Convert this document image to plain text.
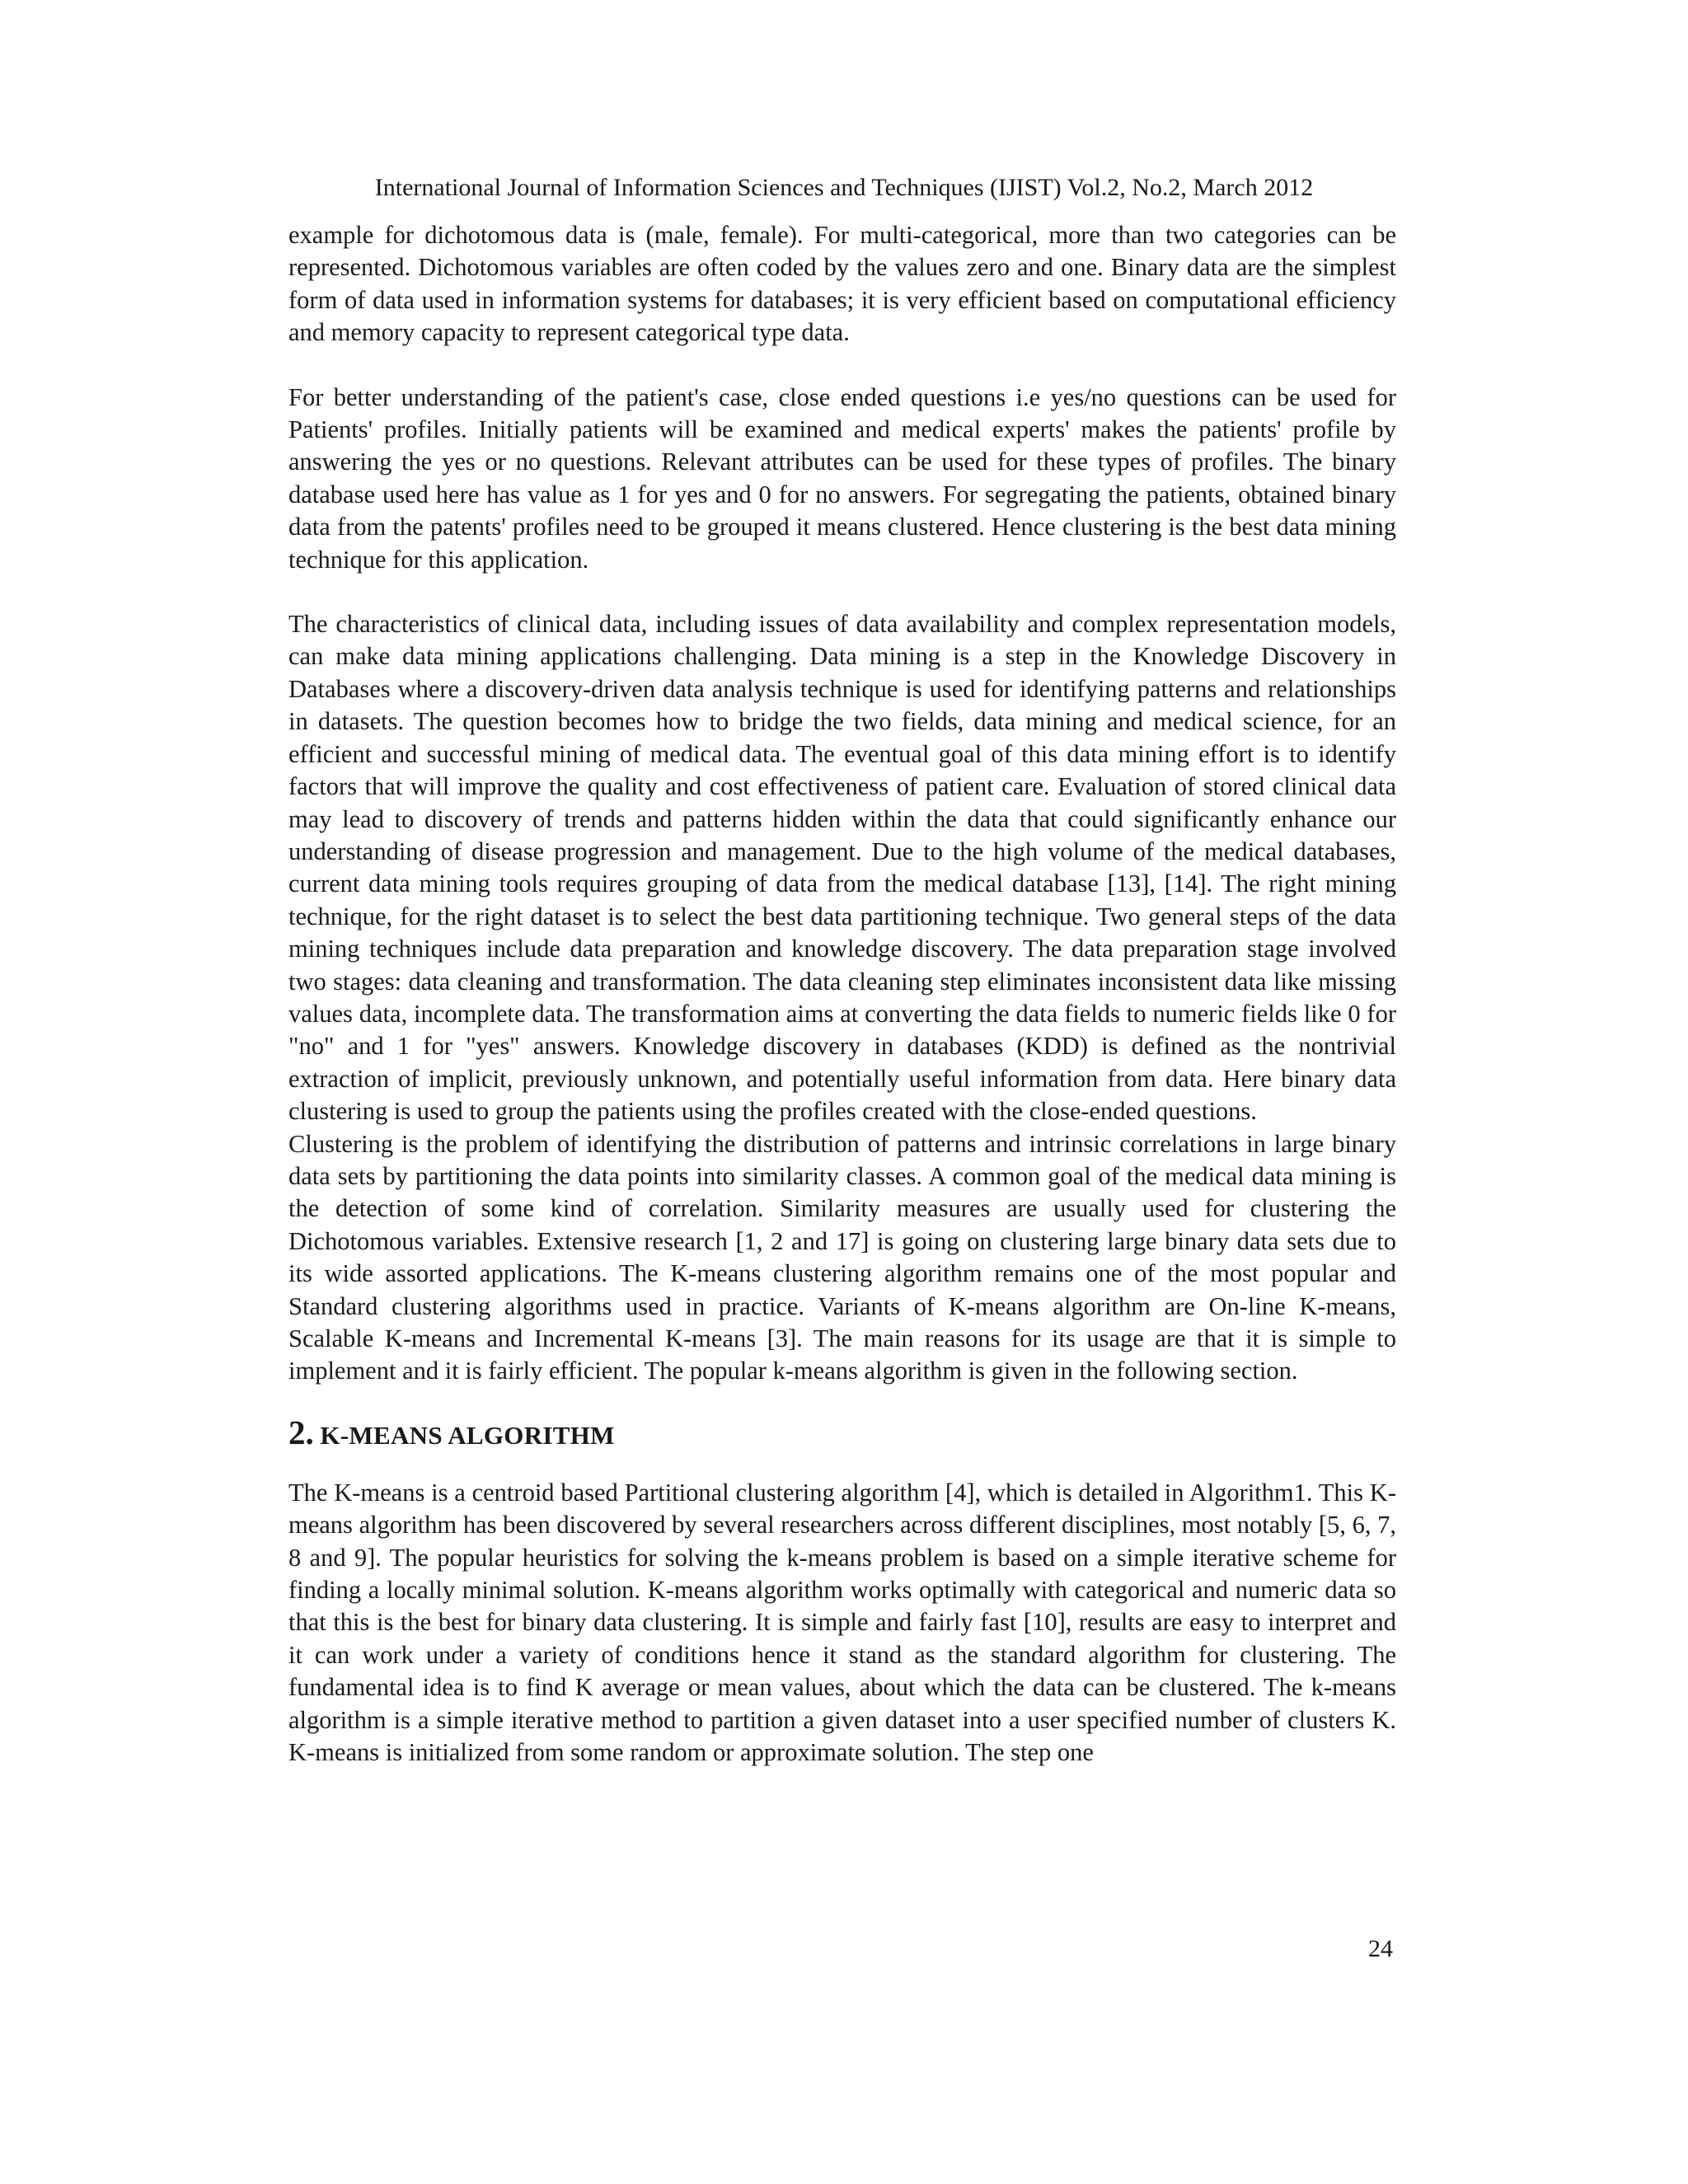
International Journal of Information Sciences and Techniques (IJIST) Vol.2, No.2, March 2012

example for dichotomous data is (male, female). For multi-categorical, more than two categories can be represented. Dichotomous variables are often coded by the values zero and one. Binary data are the simplest form of data used in information systems for databases; it is very efficient based on computational efficiency and memory capacity to represent categorical type data.

For better understanding of the patient's case, close ended questions i.e yes/no questions can be used for Patients' profiles. Initially patients will be examined and medical experts' makes the patients' profile by answering the yes or no questions. Relevant attributes can be used for these types of profiles. The binary database used here has value as 1 for yes and 0 for no answers. For segregating the patients, obtained binary data from the patents' profiles need to be grouped it means clustered. Hence clustering is the best data mining technique for this application.

The characteristics of clinical data, including issues of data availability and complex representation models, can make data mining applications challenging. Data mining is a step in the Knowledge Discovery in Databases where a discovery-driven data analysis technique is used for identifying patterns and relationships in datasets. The question becomes how to bridge the two fields, data mining and medical science, for an efficient and successful mining of medical data. The eventual goal of this data mining effort is to identify factors that will improve the quality and cost effectiveness of patient care. Evaluation of stored clinical data may lead to discovery of trends and patterns hidden within the data that could significantly enhance our understanding of disease progression and management. Due to the high volume of the medical databases, current data mining tools requires grouping of data from the medical database [13], [14]. The right mining technique, for the right dataset is to select the best data partitioning technique. Two general steps of the data mining techniques include data preparation and knowledge discovery. The data preparation stage involved two stages: data cleaning and transformation. The data cleaning step eliminates inconsistent data like missing values data, incomplete data. The transformation aims at converting the data fields to numeric fields like 0 for "no" and 1 for "yes" answers. Knowledge discovery in databases (KDD) is defined as the nontrivial extraction of implicit, previously unknown, and potentially useful information from data. Here binary data clustering is used to group the patients using the profiles created with the close-ended questions.

Clustering is the problem of identifying the distribution of patterns and intrinsic correlations in large binary data sets by partitioning the data points into similarity classes. A common goal of the medical data mining is the detection of some kind of correlation. Similarity measures are usually used for clustering the Dichotomous variables. Extensive research [1, 2 and 17] is going on clustering large binary data sets due to its wide assorted applications. The K-means clustering algorithm remains one of the most popular and Standard clustering algorithms used in practice. Variants of K-means algorithm are On-line K-means, Scalable K-means and Incremental K-means [3]. The main reasons for its usage are that it is simple to implement and it is fairly efficient. The popular k-means algorithm is given in the following section.

2. K-MEANS ALGORITHM

The K-means is a centroid based Partitional clustering algorithm [4], which is detailed in Algorithm1. This K-means algorithm has been discovered by several researchers across different disciplines, most notably [5, 6, 7, 8 and 9]. The popular heuristics for solving the k-means problem is based on a simple iterative scheme for finding a locally minimal solution. K-means algorithm works optimally with categorical and numeric data so that this is the best for binary data clustering. It is simple and fairly fast [10], results are easy to interpret and it can work under a variety of conditions hence it stand as the standard algorithm for clustering. The fundamental idea is to find K average or mean values, about which the data can be clustered. The k-means algorithm is a simple iterative method to partition a given dataset into a user specified number of clusters K. K-means is initialized from some random or approximate solution. The step one

24
